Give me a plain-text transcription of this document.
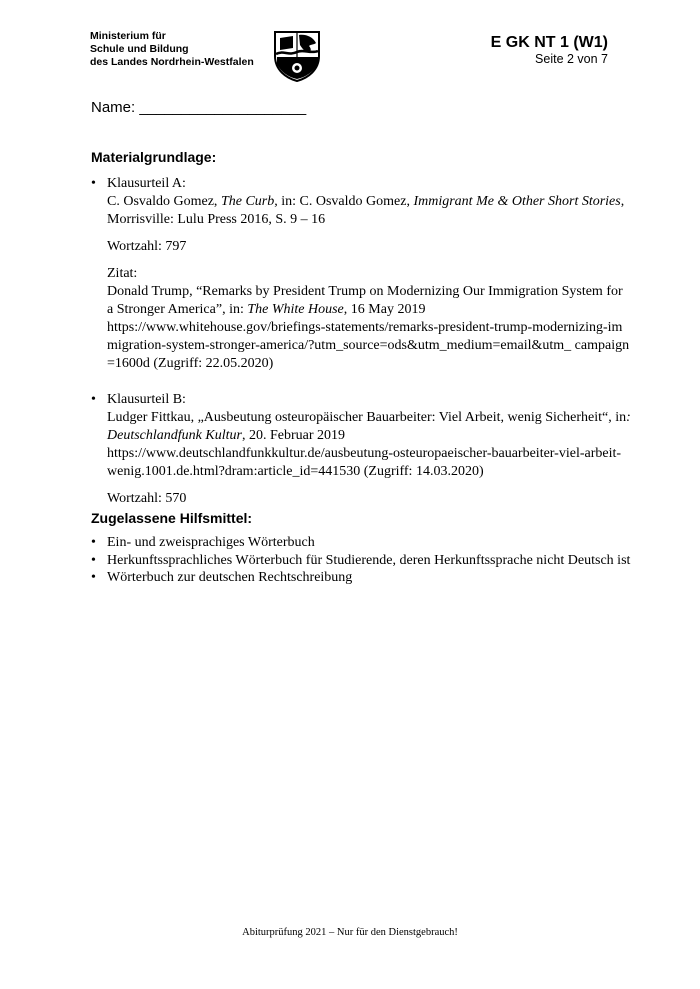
Ministerium für
Schule und Bildung
des Landes Nordrhein-Westfalen
E GK NT 1 (W1)
Seite 2 von 7
Name: ____________________
Materialgrundlage:
• Klausurteil A:
C. Osvaldo Gomez, The Curb, in: C. Osvaldo Gomez, Immigrant Me & Other Short Stories, Morrisville: Lulu Press 2016, S. 9 – 16
Wortzahl: 797
Zitat:
Donald Trump, “Remarks by President Trump on Modernizing Our Immigration System for a Stronger America”, in: The White House, 16 May 2019
https://www.whitehouse.gov/briefings-statements/remarks-president-trump-modernizing-immigration-system-stronger-america/?utm_source=ods&utm_medium=email&utm_ campaign=1600d (Zugriff: 22.05.2020)
• Klausurteil B:
Ludger Fittkau, „Ausbeutung osteuropäischer Bauarbeiter: Viel Arbeit, wenig Sicherheit“, in: Deutschlandfunk Kultur, 20. Februar 2019
https://www.deutschlandfunkkultur.de/ausbeutung-osteuropaeischer-bauarbeiter-viel-arbeit-wenig.1001.de.html?dram:article_id=441530 (Zugriff: 14.03.2020)
Wortzahl: 570
Zugelassene Hilfsmittel:
• Ein- und zweisprachiges Wörterbuch
• Herkunftssprachliches Wörterbuch für Studierende, deren Herkunftssprache nicht Deutsch ist
• Wörterbuch zur deutschen Rechtschreibung
Abiturprüfung 2021 – Nur für den Dienstgebrauch!
